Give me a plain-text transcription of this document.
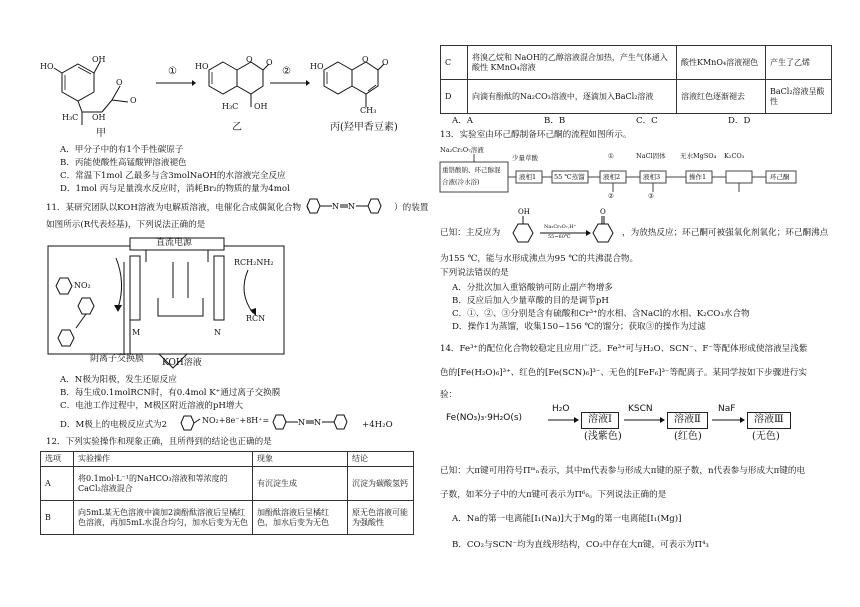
HO
OH
O
O
H₃C OH
①	②
HO
O O
H₃C OH
HO
O O
CH₃
甲
乙	丙(羟甲香豆素)
A．甲分子中的有1个手性碳原子
B．丙能使酸性高锰酸钾溶液褪色
C．常温下1mol 乙最多与含3molNaOH的水溶液完全反应
D．1mol 丙与足量溴水反应时，消耗Br₂的物质的量为4mol
11．某研究团队以KOH溶液为电解质溶液，电催化合成偶氮化合物（	N N	）的装置
如图所示(R代表烃基)，下列说法正确的是
直流电源
NO₂
M	N
RCH₂NH₂
RCN
阴离子交换膜 KOH溶液
A．N极为阳极，发生还原反应
B．每生成0.1molRCN时，有0.4mol K⁺通过离子交换膜
C．电池工作过程中，M极区附近溶液的pH增大
D．M极上的电极反应式为2	NO₂+8e⁻+8H⁺=	N N	+4H₂O
12．下列实验操作和现象正确，且所得到的结论也正确的是
选项	实验操作	现象	结论
A	将0.1mol·L⁻¹的NaHCO₃溶液和等浓度的 CaCl₂溶液混合	有沉淀生成	沉淀为碳酸氢钙
B	向5mL某无色溶液中滴加2滴酚酞溶液后呈橘红色溶液，再加5mL水混合均匀，加水后变为无色	加酚酞溶液后呈橘红色，加水后变为无色	原无色溶液可能为强酸性
C	将溴乙烷和 NaOH的乙醇溶液混合加热，产生气体通入酸性 KMnO₄溶液	酸性KMnO₄溶液褪色	产生了乙烯
D	向滴有酚酞的Na₂CO₃溶液中，逐滴加入BaCl₂溶液	溶液红色逐渐褪去	BaCl₂溶液呈酸性
A．A	B．B	C．C	D．D
13．实验室由环己醇制备环己酮的流程如图所示。
Na₂Cr₂O₇溶液
重铬酸钠、环己醇混
合液(冷水浴)
少量草酸
液相1	55 ℃蒸馏
①	NaCl固体 无水MgSO₄ K₂CO₃
液相2	液相3	操作1	环己酮
②	③
已知：主反应为
OH	O
Na₂Cr₂O₇,H⁺
55~60℃	，为放热反应；环己酮可被强氧化剂氧化；环己酮沸点
为155 ℃，能与水形成沸点为95 ℃的共沸混合物。
下列说法错误的是
A．分批次加入重铬酸钠可防止副产物增多
B．反应后加入少量草酸的目的是调节pH
C．①、②、③分别是含有硫酸和Cr³⁺的水相、含NaCl的水相、K₂CO₃水合物
D．操作1为蒸馏，收集150~156 ℃的馏分；获取③的操作为过滤
14．Fe³⁺的配位化合物较稳定且应用广泛。Fe³⁺可与H₂O、SCN⁻、F⁻等配体形成使溶液呈浅紫
色的[Fe(H₂O)₆]³⁺、红色的[Fe(SCN)₆]³⁻、无色的[FeF₆]³⁻等配离子。某同学按如下步骤进行实
验：
Fe(NO₃)₃·9H₂O(s)
H₂O
溶液Ⅰ
(浅紫色)
KSCN
溶液Ⅱ
(红色)
NaF
溶液Ⅲ
(无色)
已知：大π键可用符号Πᵐₙ表示，其中m代表参与形成大π键的原子数，n代表参与形成大π键的电
子数，如苯分子中的大π键可表示为Π⁶₆。下列说法正确的是
A．Na的第一电离能[I₁(Na)]大于Mg的第一电离能[I₁(Mg)]
B．CO₂与SCN⁻均为直线形结构，CO₂中存在大π键，可表示为Π⁴₃
